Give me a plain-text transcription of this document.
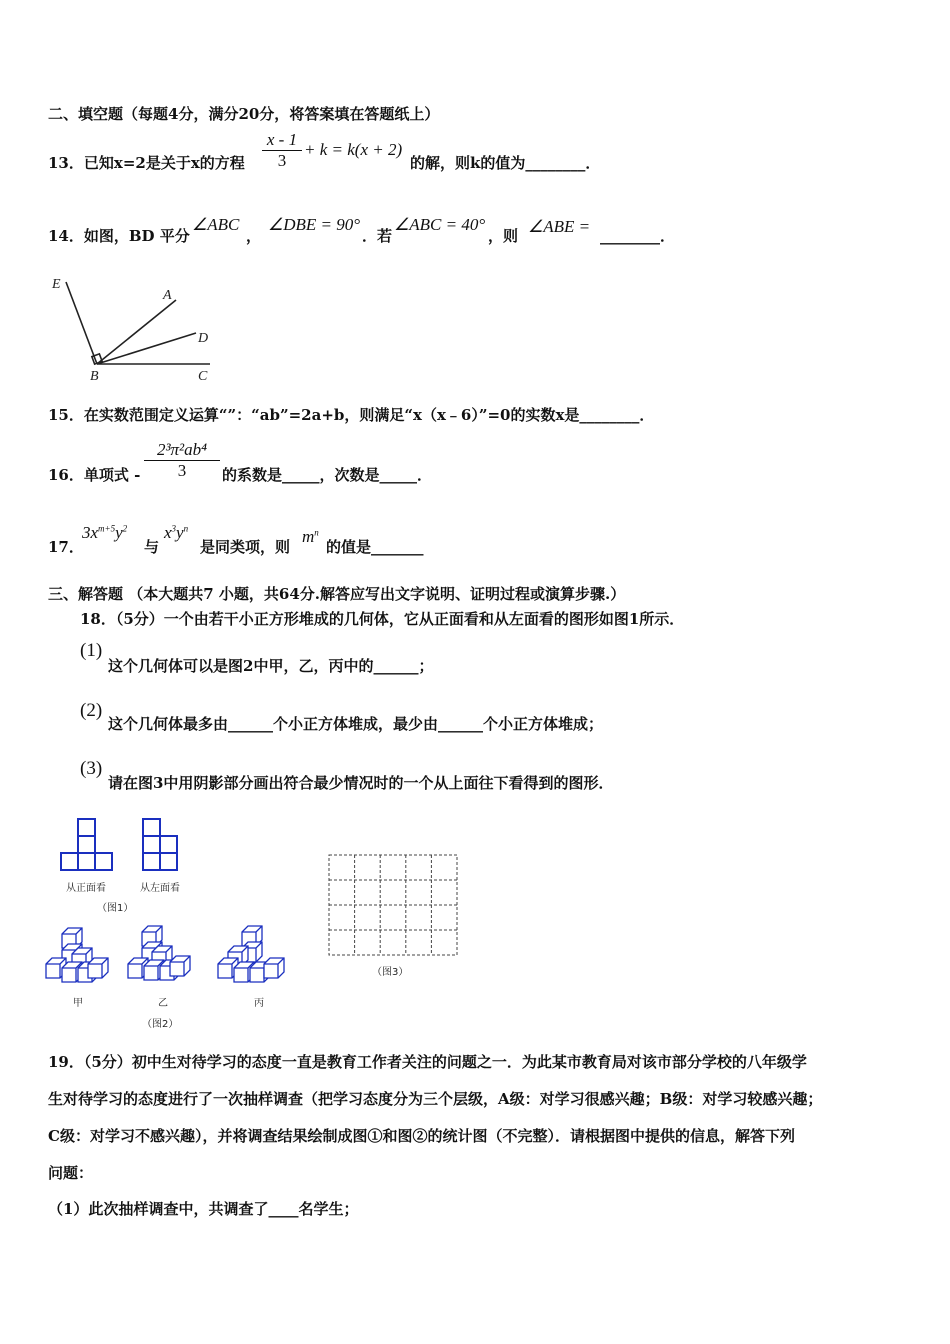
二、填空题（每题4分，满分20分，将答案填在答题纸上）
13．已知x=2是关于x的方程 $\frac{x - 1}{3} + k = k(x + 2)$
的解，则k的值为________．
14．如图，BD 平分
∠ABC
，
∠DBE = 90°
．若
∠ABC = 40°
，则 ∠ABE = ________．
E
A
D
B	C
15．在实数范围定义运算“”：“ab”=2a+b，则满足“x（x﹣6）”=0的实数x是________．
16．单项式 - $\frac{\text{2³π²ab⁴}}{3}$ 的系数是_____，次数是_____．
17．
$3x^{m+5}y^2$
与
$x^3y^n$
是同类项，则
$m^n$
的值是_______
三、解答题 （本大题共7 小题，共64分.解答应写出文字说明、证明过程或演算步骤.）
18．（5分）一个由若干小正方形堆成的几何体，它从正面看和从左面看的图形如图1所示．
(1)
这个几何体可以是图2中甲，乙，丙中的______；
(2)
这个几何体最多由______个小正方体堆成，最少由______个小正方体堆成；
(3)
请在图3中用阴影部分画出符合最少情况时的一个从上面往下看得到的图形．
从正面看	从左面看
（图1）
甲	乙	丙
（图2）
（图3）
19．（5分）初中生对待学习的态度一直是教育工作者关注的问题之一．为此某市教育局对该市部分学校的八年级学
生对待学习的态度进行了一次抽样调查（把学习态度分为三个层级，A级：对学习很感兴趣；B级：对学习较感兴趣；
C级：对学习不感兴趣），并将调查结果绘制成图①和图②的统计图（不完整）．请根据图中提供的信息，解答下列
问题：
（1）此次抽样调查中，共调查了____名学生；
